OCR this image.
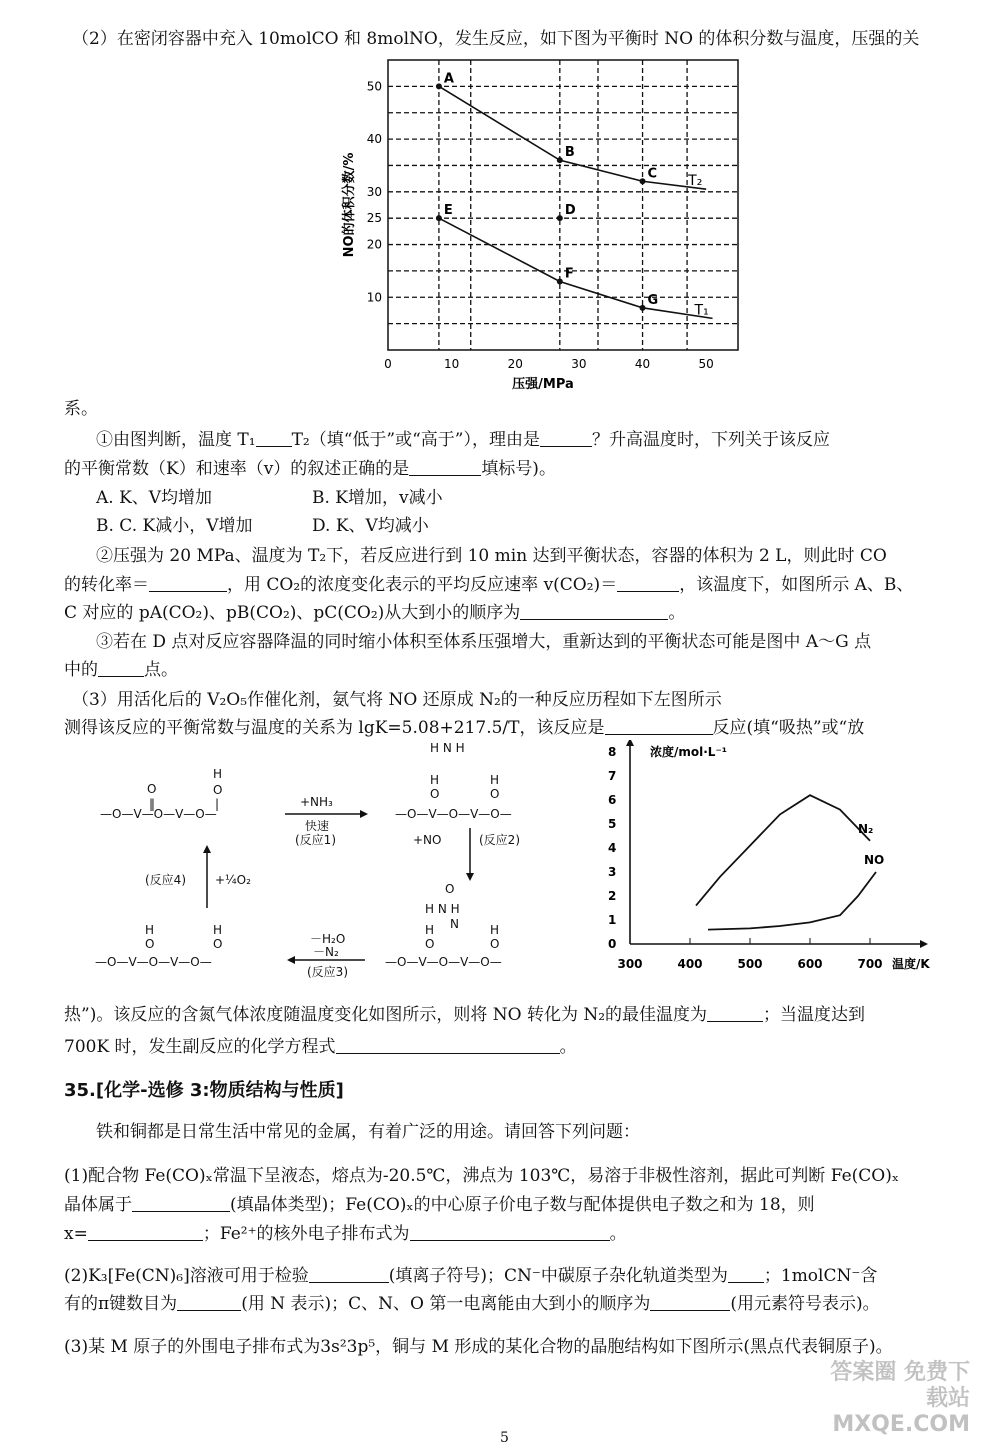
（2）在密闭容器中充入 10molCO 和 8molNO，发生反应，如下图为平衡时 NO 的体积分数与温度，压强的关
0	10	20	30	40	50
10
20
25
30
40
50
压强/MPa
NO的体积分数/%	T₂
T₁
A
B
C
D
E
F
G
系。
①由图判断，温度 T₁ T₂（填“低于”或“高于”），理由是	？升高温度时，下列关于该反应
的平衡常数（K）和速率（v）的叙述正确的是	填标号)。
A. K、V均增加	B. K增加，v减小
B. C. K减小，V增加	D. K、V均减小
②压强为 20 MPa、温度为 T₂下，若反应进行到 10 min 达到平衡状态，容器的体积为 2 L，则此时 CO
的转化率＝	，用 CO₂的浓度变化表示的平均反应速率 v(CO₂)＝	，该温度下，如图所示 A、B、
C 对应的 pA(CO₂)、pB(CO₂)、pC(CO₂)从大到小的顺序为	。
③若在 D 点对反应容器降温的同时缩小体积至体系压强增大，重新达到的平衡状态可能是图中 A～G 点
中的	点。
（3）用活化后的 V₂O₅作催化剂，氨气将 NO 还原成 N₂的一种反应历程如下左图所示
测得该反应的平衡常数与温度的关系为 lgK=5.08+217.5/T，该反应是	反应(填“吸热”或“放
—O—V—O—V—O—
O
‖
H
O
|	+NH₃
快速
(反应1)
H N H
—O—V—O—V—O—
H
O
H
O
+NO	(反应2)
O
H N H
N
—O—V—O—V—O—
H
O
H
O
－H₂O
－N₂
(反应3)
—O—V—O—V—O—
H
O
H
O
(反应4) +¼O₂
0
1
2
3
4
5
6
7
8
300	400	500	600	700 温度/K
浓度/mol·L⁻¹
N₂
NO
热”)。该反应的含氮气体浓度随温度变化如图所示，则将 NO 转化为 N₂的最佳温度为	；当温度达到
700K 时，发生副反应的化学方程式	。
35.[化学-选修 3:物质结构与性质]
铁和铜都是日常生活中常见的金属，有着广泛的用途。请回答下列问题：
(1)配合物 Fe(CO)ₓ常温下呈液态，熔点为-20.5℃，沸点为 103℃，易溶于非极性溶剂，据此可判断 Fe(CO)ₓ
晶体属于	(填晶体类型)；Fe(CO)ₓ的中心原子价电子数与配体提供电子数之和为 18，则
x=	；Fe²⁺的核外电子排布式为	。
(2)K₃[Fe(CN)₆]溶液可用于检验	(填离子符号)；CN⁻中碳原子杂化轨道类型为 ；1molCN⁻含
有的π键数目为	(用 N 表示)；C、N、O 第一电离能由大到小的顺序为	(用元素符号表示)。
(3)某 M 原子的外围电子排布式为3s²3p⁵，铜与 M 形成的某化合物的晶胞结构如下图所示(黑点代表铜原子)。
答案圈 免费下载站 MXQE.COM
5
